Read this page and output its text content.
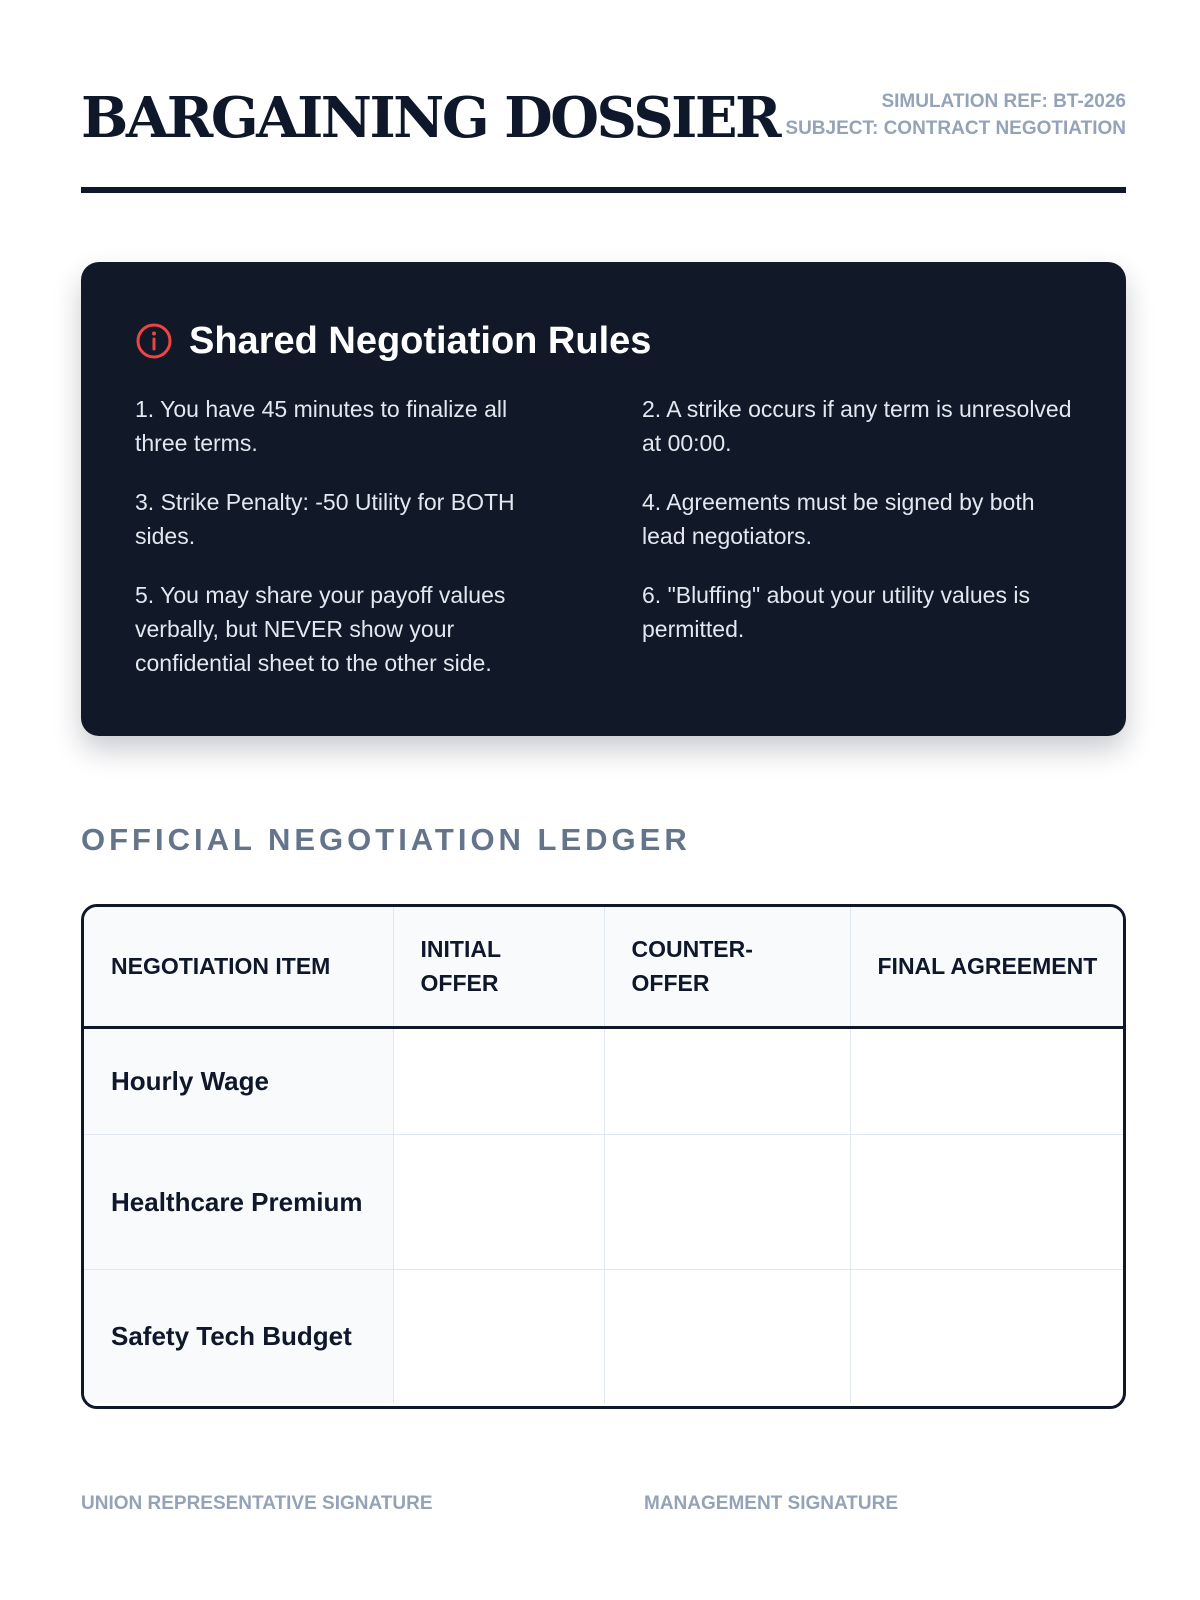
BARGAINING DOSSIER	SIMULATION REF: BT-2026
SUBJECT: CONTRACT NEGOTIATION
Shared Negotiation Rules
1. You have 45 minutes to finalize all three terms.
2. A strike occurs if any term is unresolved at 00:00.
3. Strike Penalty: -50 Utility for BOTH sides.
4. Agreements must be signed by both lead negotiators.
5. You may share your payoff values verbally, but NEVER show your confidential sheet to the other side.
6. "Bluffing" about your utility values is permitted.
OFFICIAL NEGOTIATION LEDGER
NEGOTIATION ITEM	INITIAL OFFER	COUNTER-OFFER	FINAL AGREEMENT
Hourly Wage			
Healthcare Premium			
Safety Tech Budget			
UNION REPRESENTATIVE SIGNATURE	MANAGEMENT SIGNATURE
